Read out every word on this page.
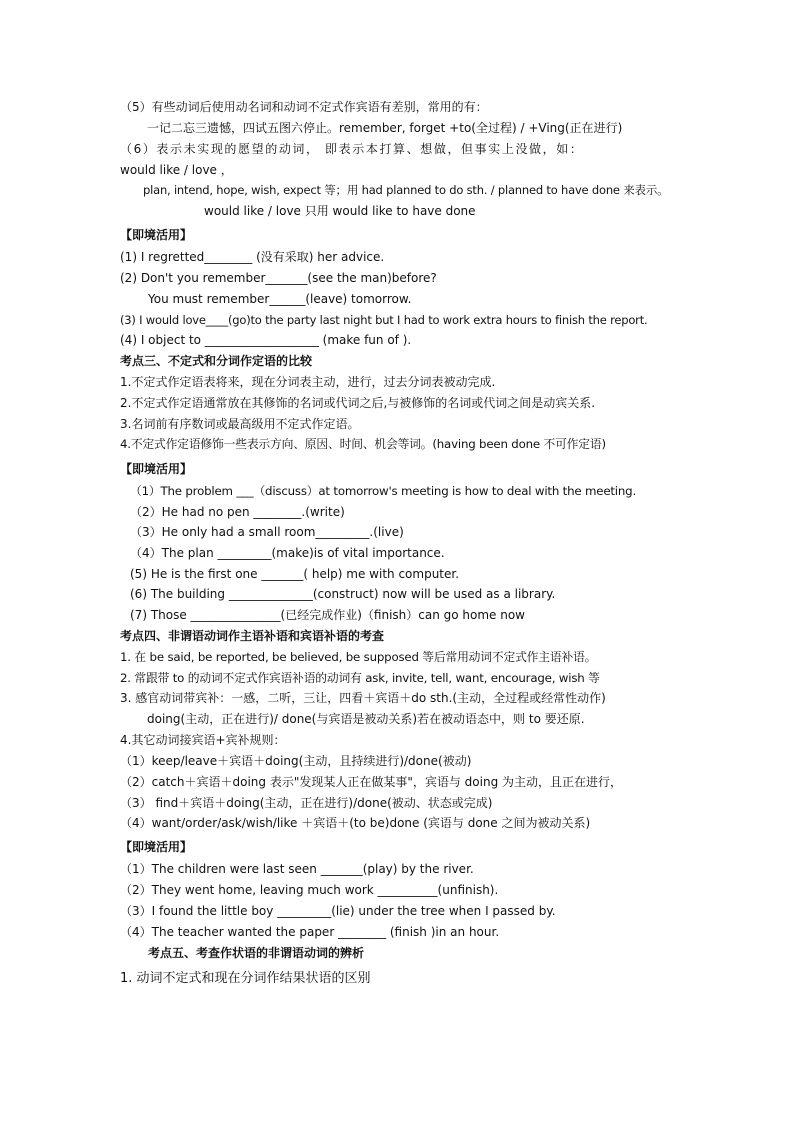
（5）有些动词后使用动名词和动词不定式作宾语有差别，常用的有：
一记二忘三遗憾，四试五图六停止。remember, forget +to(全过程) / +Ving(正在进行)
（6）表示未实现的愿望的动词， 即表示本打算、想做，但事实上没做，如：
would like / love ，
plan, intend, hope, wish, expect 等；用 had planned to do sth. / planned to have done 来表示。
would like / love 只用 would like to have done
【即境活用】
(1) I regretted________ (没有采取) her advice.
(2) Don't you remember_______(see the man)before?
You must remember______(leave) tomorrow.
(3) I would love____(go)to the party last night but I had to work extra hours to finish the report.
(4) I object to ___________________ (make fun of ).
考点三、不定式和分词作定语的比较
1.不定式作定语表将来，现在分词表主动，进行，过去分词表被动完成.
2.不定式作定语通常放在其修饰的名词或代词之后,与被修饰的名词或代词之间是动宾关系.
3.名词前有序数词或最高级用不定式作定语。
4.不定式作定语修饰一些表示方向、原因、时间、机会等词。(having been done 不可作定语)
【即境活用】
（1）The problem ___（discuss）at tomorrow's meeting is how to deal with the meeting.
（2）He had no pen ________.(write)
（3）He only had a small room_________.(live)
（4）The plan _________(make)is of vital importance.
(5) He is the first one _______( help) me with computer.
(6) The building ______________(construct) now will be used as a library.
(7) Those _______________(已经完成作业)（finish）can go home now
考点四、非谓语动词作主语补语和宾语补语的考查
1. 在 be said, be reported, be believed, be supposed 等后常用动词不定式作主语补语。
2. 常跟带 to 的动词不定式作宾语补语的动词有 ask, invite, tell, want, encourage, wish 等
3. 感官动词带宾补：一感，二听，三让，四看＋宾语＋do sth.(主动，全过程或经常性动作)
doing(主动，正在进行)/ done(与宾语是被动关系)若在被动语态中，则 to 要还原.
4.其它动词接宾语+宾补规则：
（1）keep/leave＋宾语＋doing(主动，且持续进行)/done(被动)
（2）catch＋宾语＋doing 表示"发现某人正在做某事"，宾语与 doing 为主动，且正在进行，
（3） find＋宾语＋doing(主动，正在进行)/done(被动、状态或完成)
（4）want/order/ask/wish/like ＋宾语＋(to be)done (宾语与 done 之间为被动关系)
【即境活用】
（1）The children were last seen _______(play) by the river.
（2）They went home, leaving much work __________(unfinish).
（3）I found the little boy _________(lie) under the tree when I passed by.
（4）The teacher wanted the paper ________ (finish )in an hour.
考点五、考查作状语的非谓语动词的辨析
1. 动词不定式和现在分词作结果状语的区别
